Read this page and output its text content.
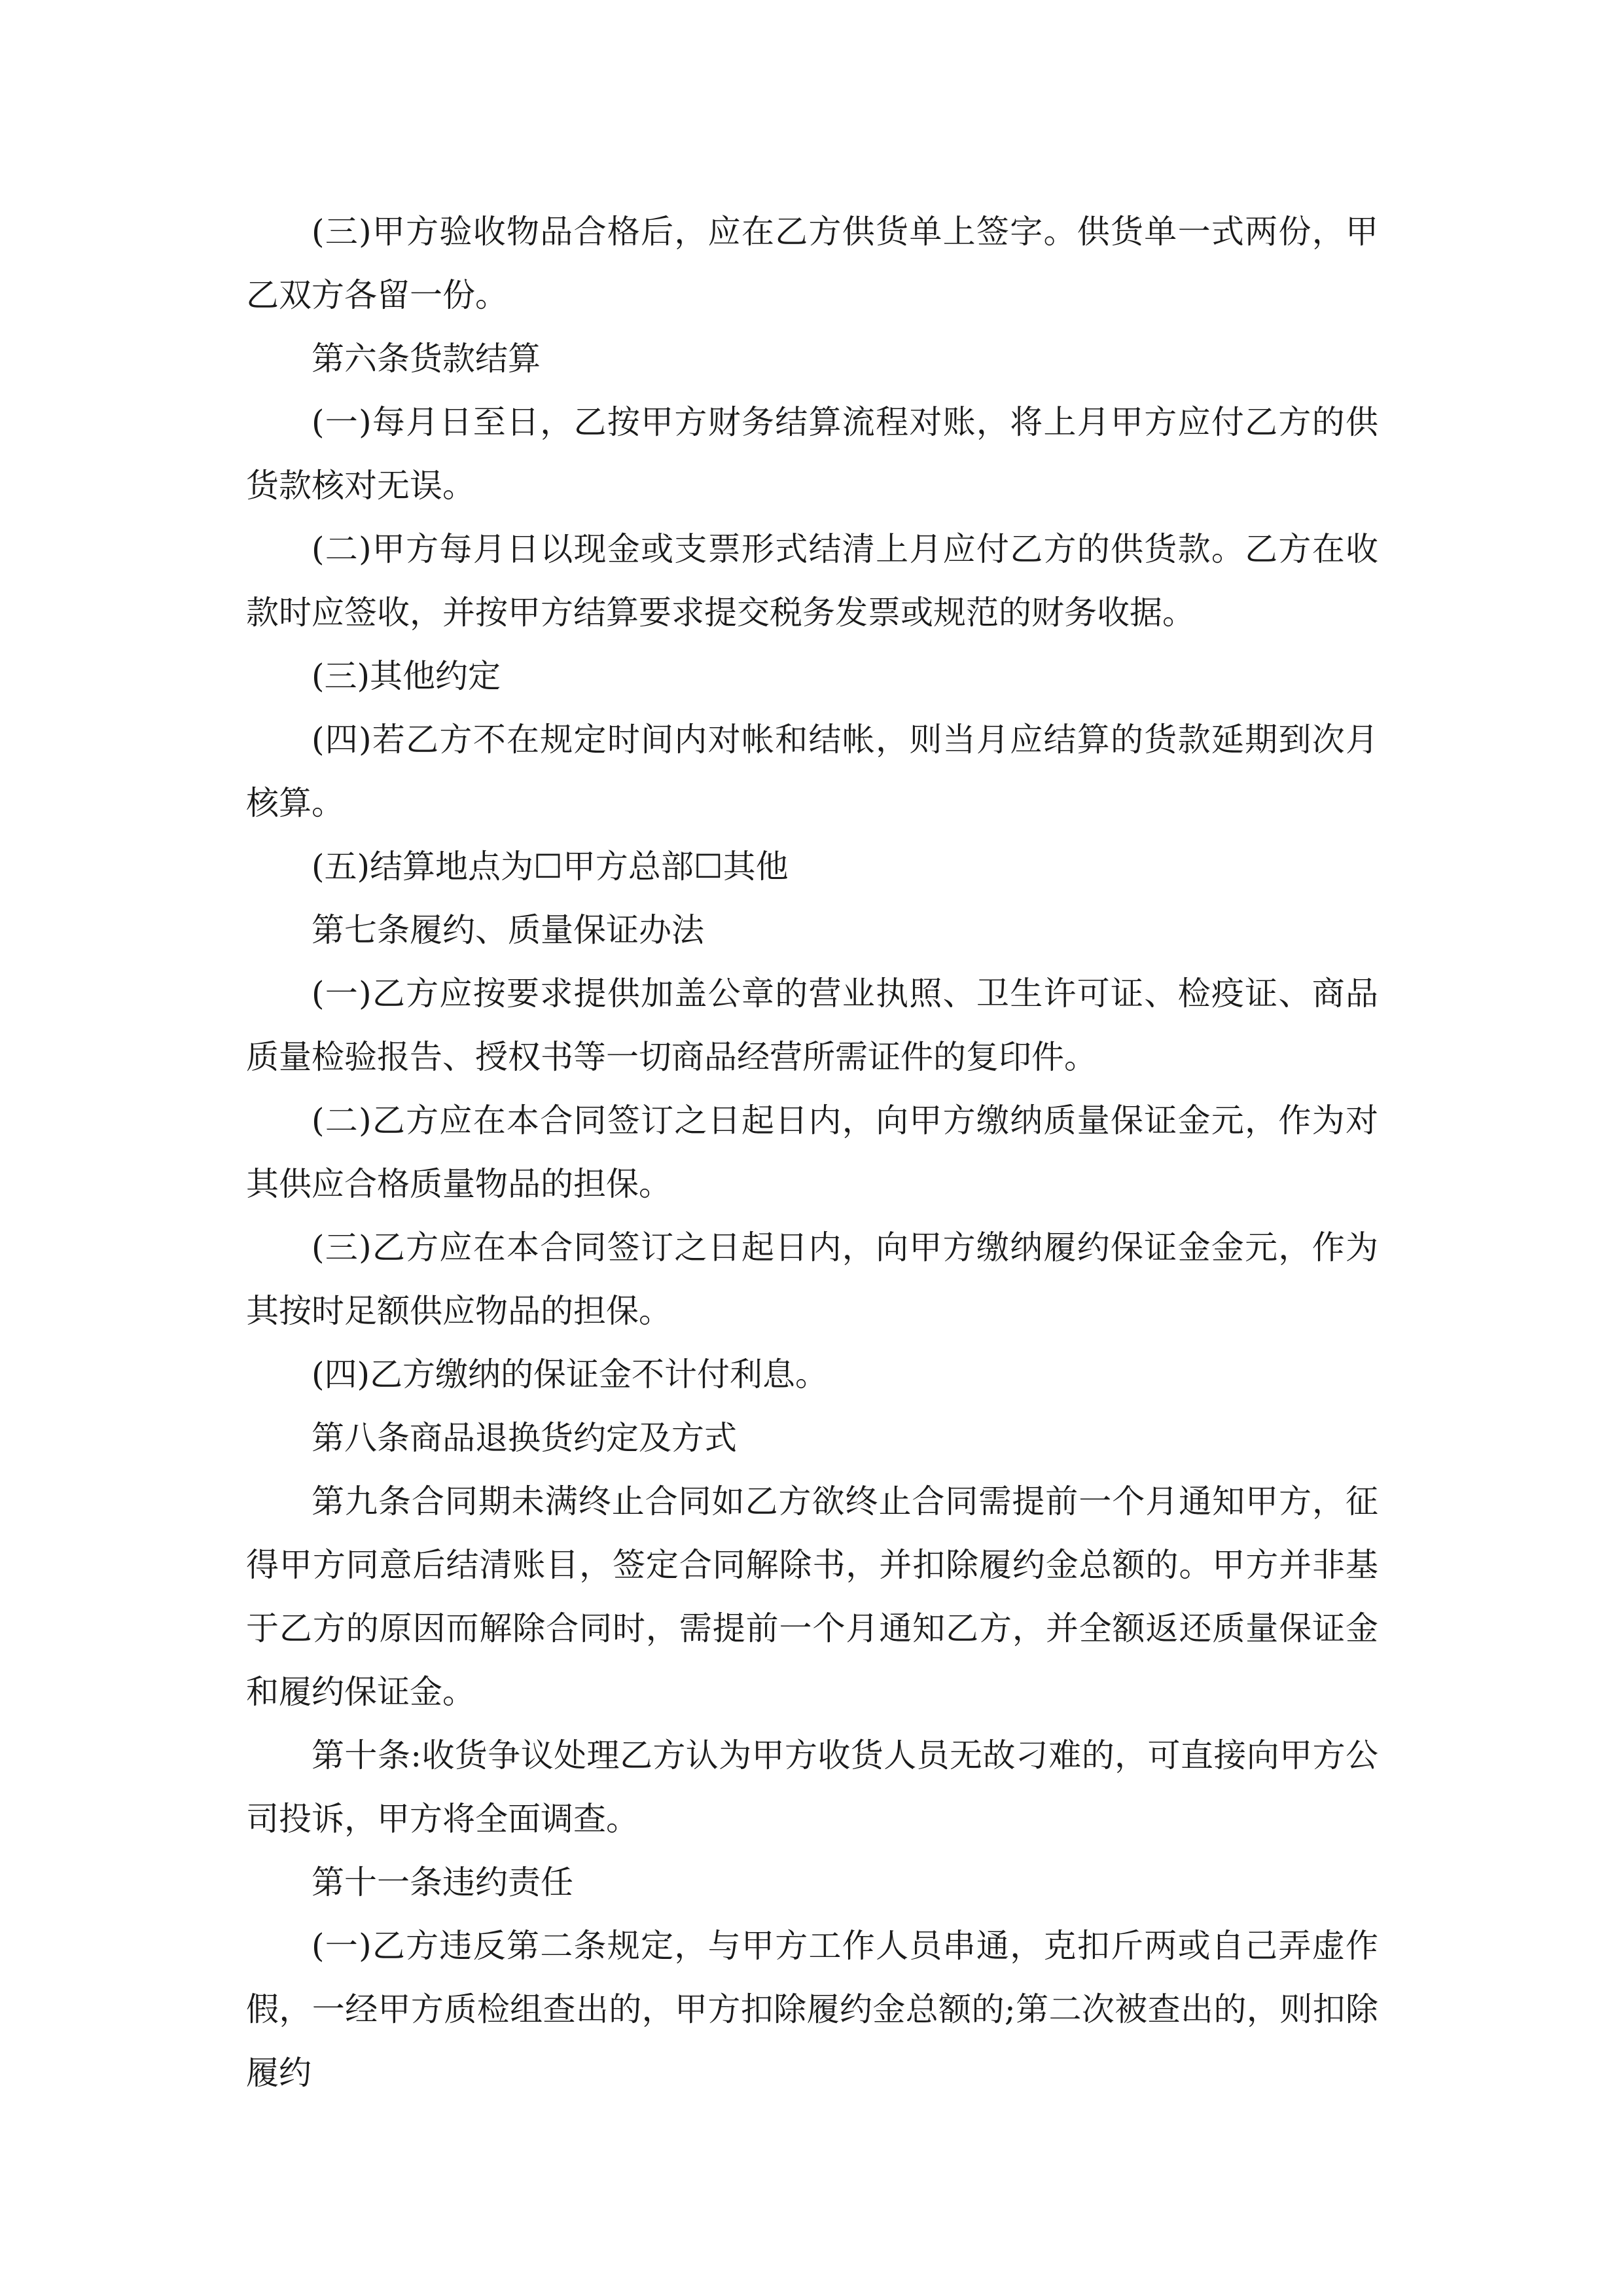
(三)甲方验收物品合格后，应在乙方供货单上签字。供货单一式两份，甲乙双方各留一份。

第六条货款结算

(一)每月日至日，乙按甲方财务结算流程对账，将上月甲方应付乙方的供货款核对无误。

(二)甲方每月日以现金或支票形式结清上月应付乙方的供货款。乙方在收款时应签收，并按甲方结算要求提交税务发票或规范的财务收据。

(三)其他约定

(四)若乙方不在规定时间内对帐和结帐，则当月应结算的货款延期到次月核算。

(五)结算地点为☐甲方总部☐其他

第七条履约、质量保证办法

(一)乙方应按要求提供加盖公章的营业执照、卫生许可证、检疫证、商品质量检验报告、授权书等一切商品经营所需证件的复印件。

(二)乙方应在本合同签订之日起日内，向甲方缴纳质量保证金元，作为对其供应合格质量物品的担保。

(三)乙方应在本合同签订之日起日内，向甲方缴纳履约保证金金元，作为其按时足额供应物品的担保。

(四)乙方缴纳的保证金不计付利息。

第八条商品退换货约定及方式

第九条合同期未满终止合同如乙方欲终止合同需提前一个月通知甲方，征得甲方同意后结清账目，签定合同解除书，并扣除履约金总额的。甲方并非基于乙方的原因而解除合同时，需提前一个月通知乙方，并全额返还质量保证金和履约保证金。

第十条:收货争议处理乙方认为甲方收货人员无故刁难的，可直接向甲方公司投诉，甲方将全面调查。

第十一条违约责任

(一)乙方违反第二条规定，与甲方工作人员串通，克扣斤两或自己弄虚作假，一经甲方质检组查出的，甲方扣除履约金总额的;第二次被查出的，则扣除履约
